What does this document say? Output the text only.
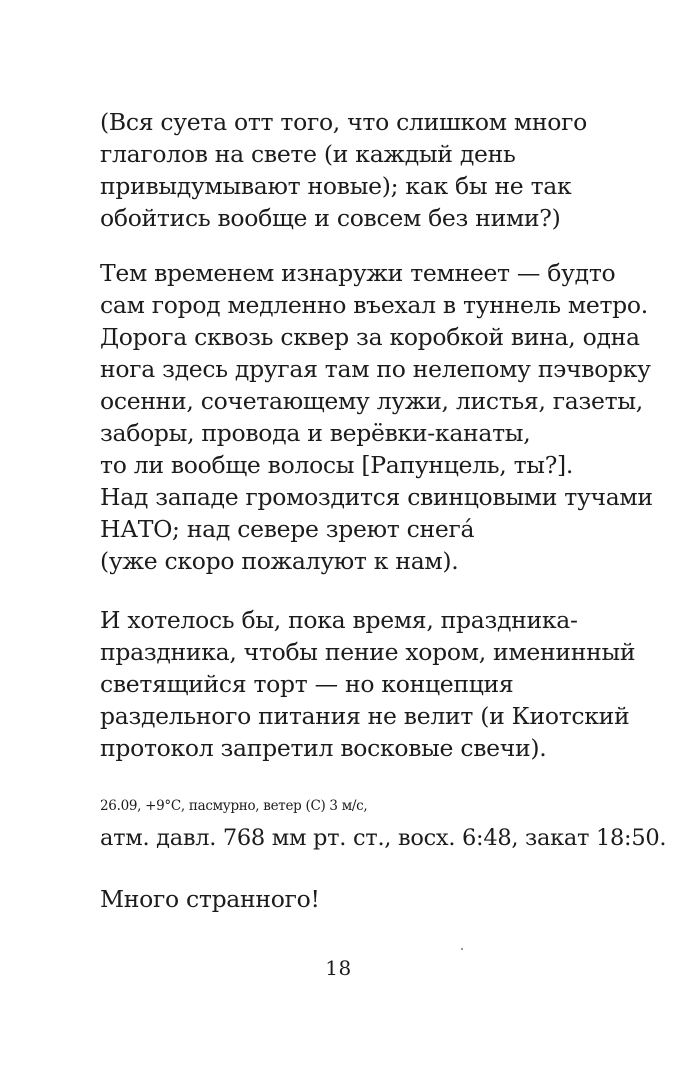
(Вся суета отт того, что слишком много
глаголов на свете (и каждый день
привыдумывают новые); как бы не так
обойтись вообще и совсем без ними?)
Тем временем изнаружи темнеет — будто
сам город медленно въехал в туннель метро.
Дорога сквозь сквер за коробкой вина, одна
нога здесь другая там по нелепому пэчворку
осенни, сочетающему лужи, листья, газеты,
заборы, провода и верёвки-канаты,
то ли вообще волосы [Рапунцель, ты?].
Над западе громоздится свинцовыми тучами
НАТО; над севере зреют снегá
(уже скоро пожалуют к нам).
И хотелось бы, пока время, праздника-
праздника, чтобы пение хором, именинный
светящийся торт — но концепция
раздельного питания не велит (и Киотский
протокол запретил восковые свечи).
26.09, +9°С, пасмурно, ветер (С) 3 м/с,
атм. давл. 768 мм рт. ст., восх. 6:48, закат 18:50.
Много странного!
18
